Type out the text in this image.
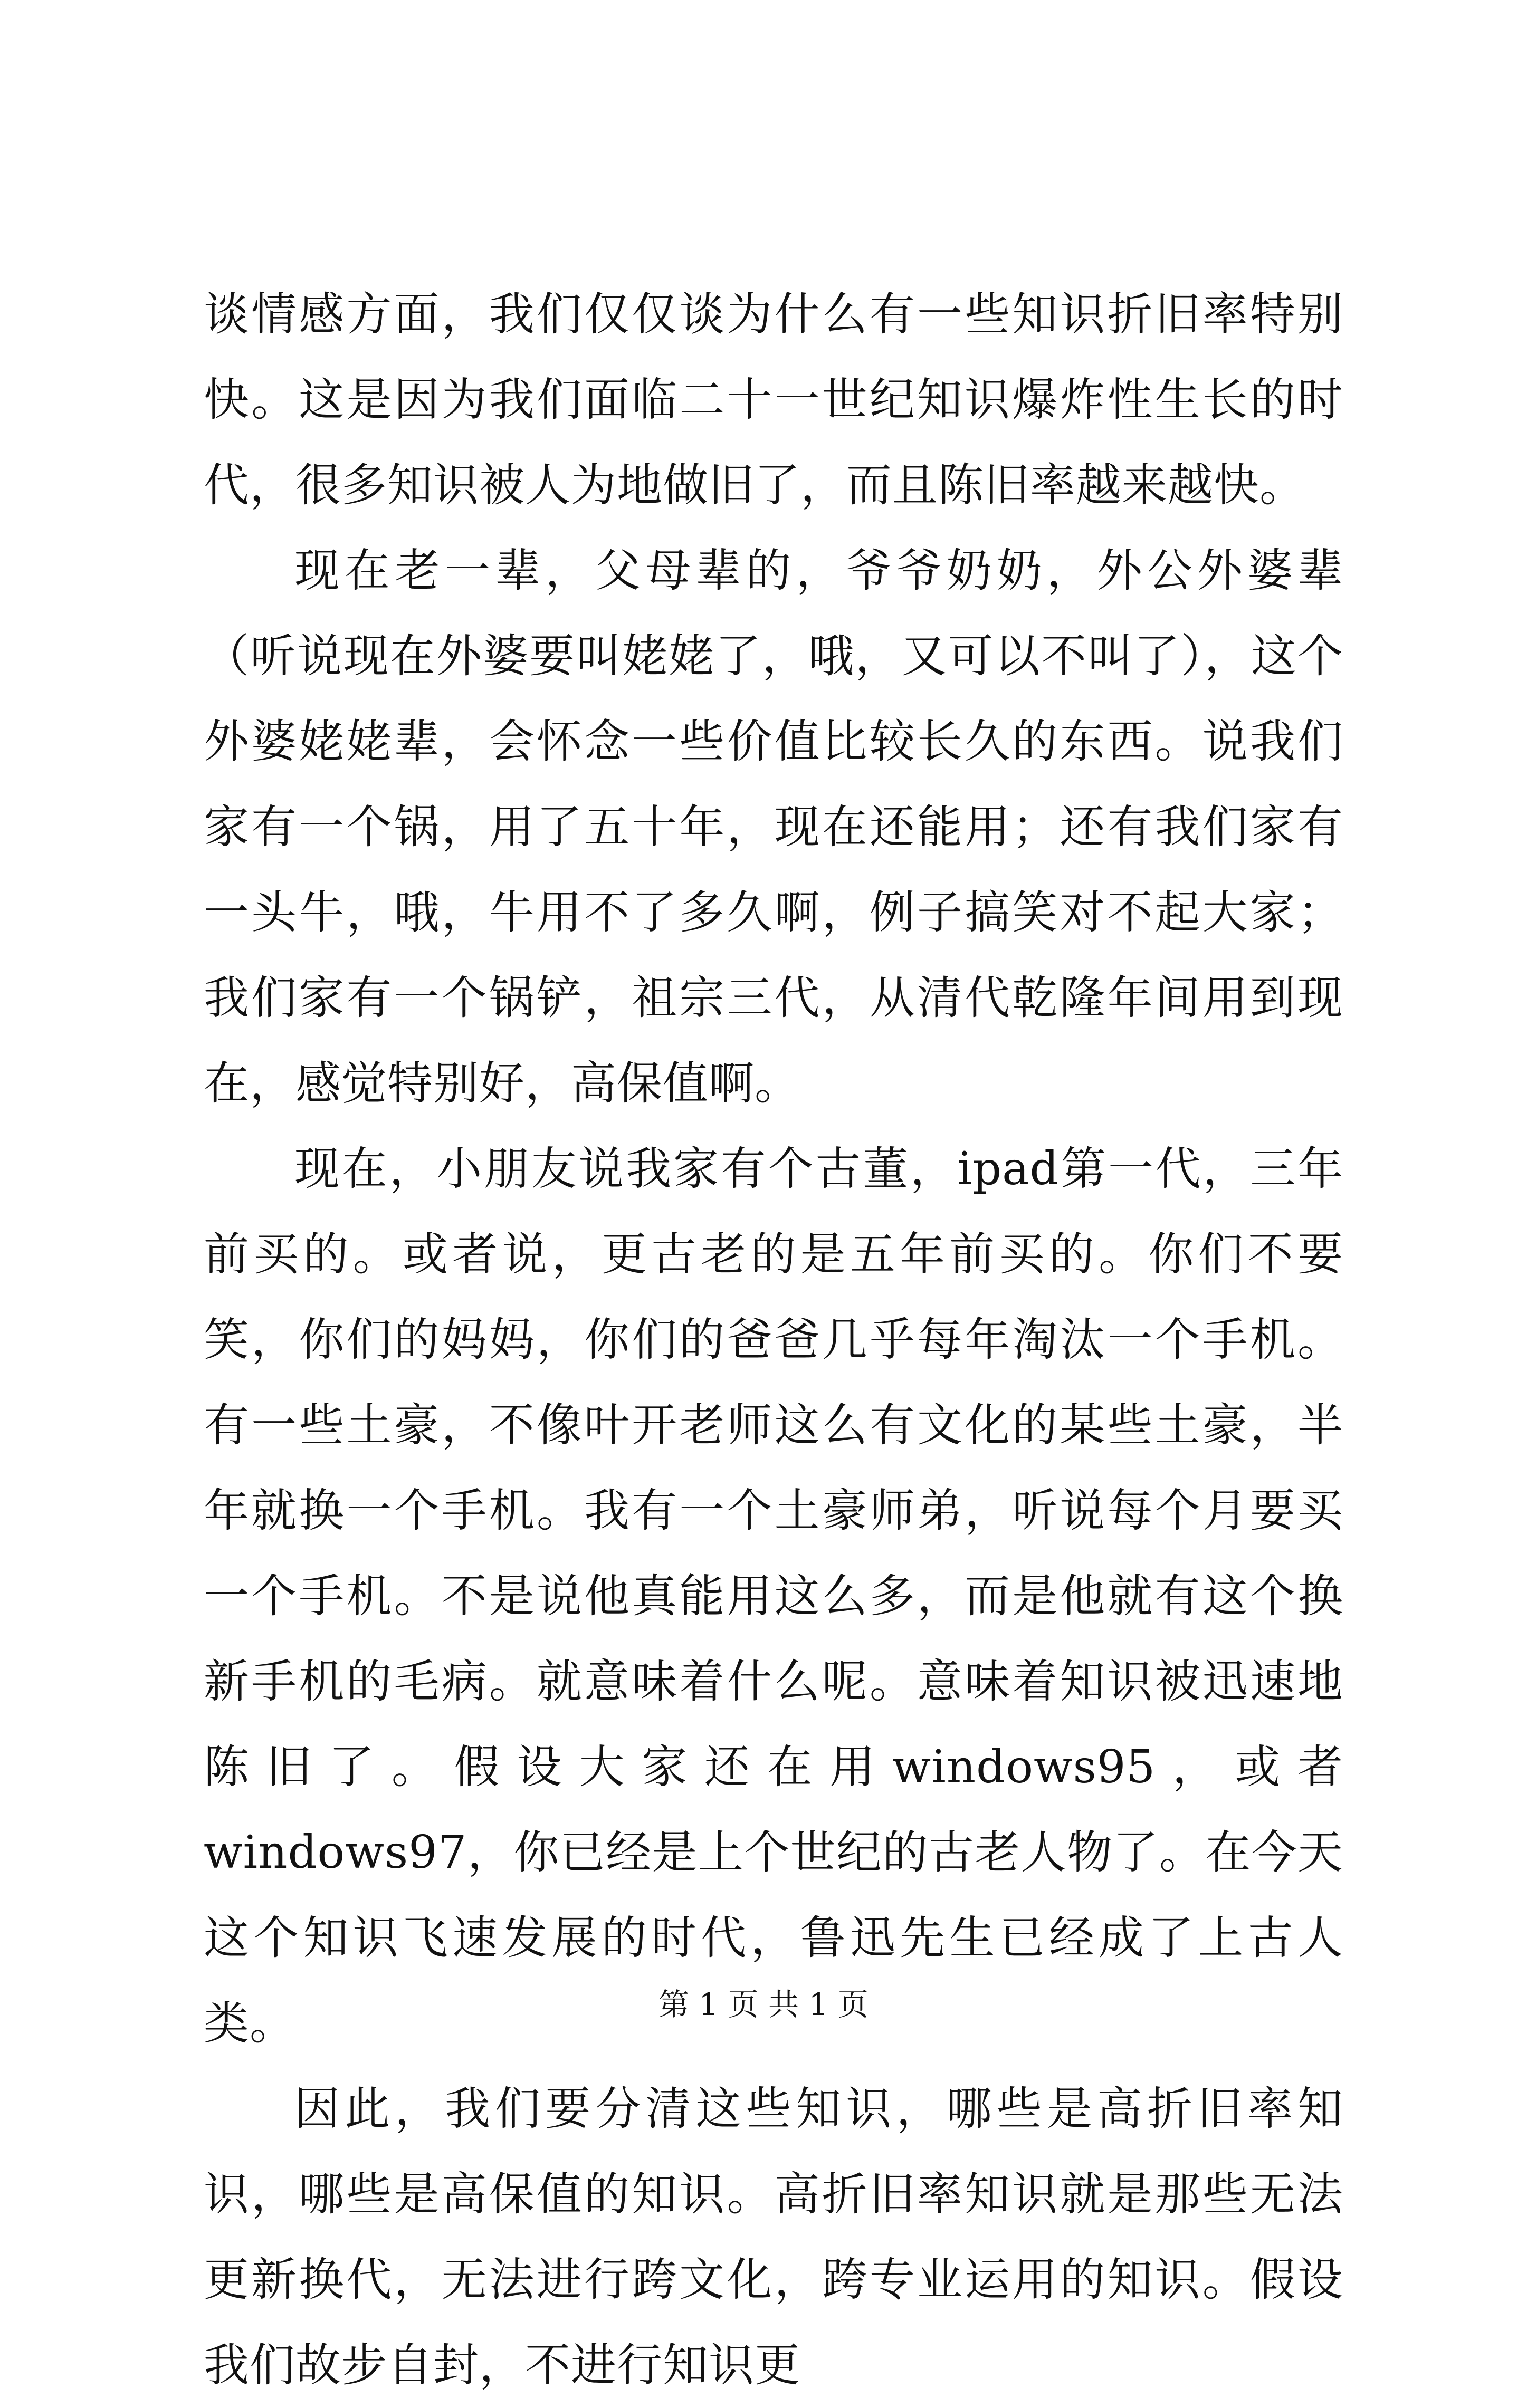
谈情感方面，我们仅仅谈为什么有一些知识折旧率特别快。这是因为我们面临二十一世纪知识爆炸性生长的时代，很多知识被人为地做旧了，而且陈旧率越来越快。

现在老一辈，父母辈的，爷爷奶奶，外公外婆辈（听说现在外婆要叫姥姥了，哦，又可以不叫了），这个外婆姥姥辈，会怀念一些价值比较长久的东西。说我们家有一个锅，用了五十年，现在还能用；还有我们家有一头牛，哦，牛用不了多久啊，例子搞笑对不起大家；我们家有一个锅铲，祖宗三代，从清代乾隆年间用到现在，感觉特别好，高保值啊。

现在，小朋友说我家有个古董，ipad第一代，三年前买的。或者说，更古老的是五年前买的。你们不要笑，你们的妈妈，你们的爸爸几乎每年淘汰一个手机。有一些土豪，不像叶开老师这么有文化的某些土豪，半年就换一个手机。我有一个土豪师弟，听说每个月要买一个手机。不是说他真能用这么多，而是他就有这个换新手机的毛病。就意味着什么呢。意味着知识被迅速地陈旧了。假设大家还在用windows95，或者windows97，你已经是上个世纪的古老人物了。在今天这个知识飞速发展的时代，鲁迅先生已经成了上古人类。

因此，我们要分清这些知识，哪些是高折旧率知识，哪些是高保值的知识。高折旧率知识就是那些无法更新换代，无法进行跨文化，跨专业运用的知识。假设我们故步自封，不进行知识更

第 1 页 共 1 页
